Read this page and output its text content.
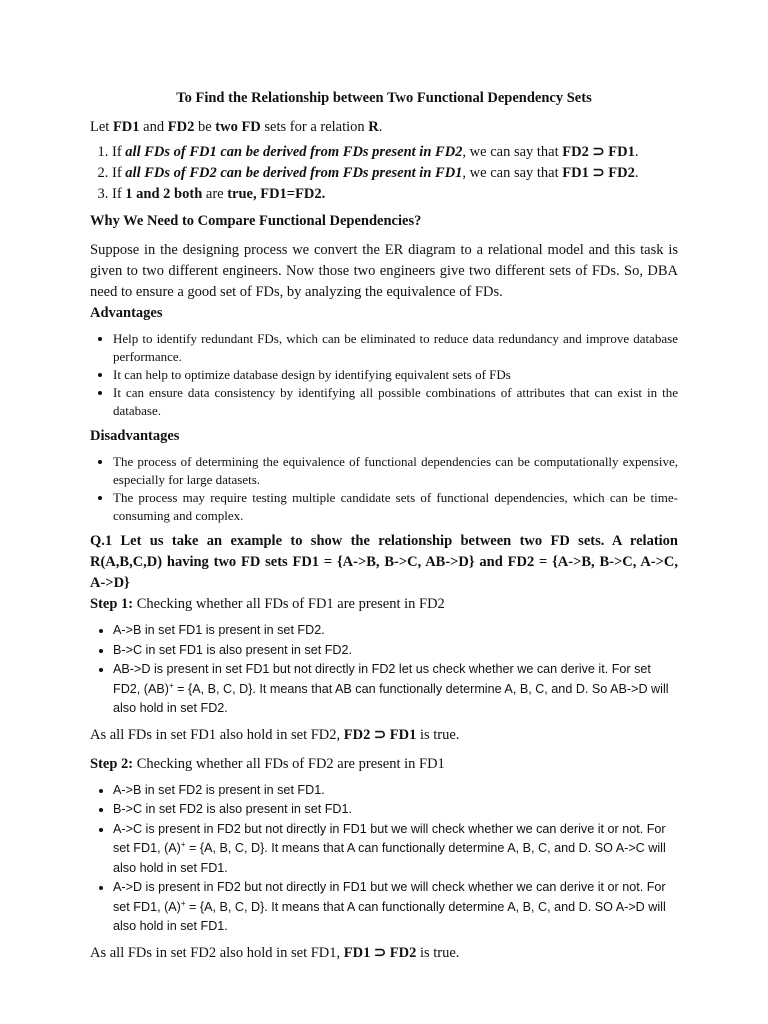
To Find the Relationship between Two Functional Dependency Sets

Let FD1 and FD2 be two FD sets for a relation R.

1. If all FDs of FD1 can be derived from FDs present in FD2, we can say that FD2 ⊃ FD1.
2. If all FDs of FD2 can be derived from FDs present in FD1, we can say that FD1 ⊃ FD2.
3. If 1 and 2 both are true, FD1=FD2.

Why We Need to Compare Functional Dependencies?

Suppose in the designing process we convert the ER diagram to a relational model and this task is given to two different engineers. Now those two engineers give two different sets of FDs. So, DBA need to ensure a good set of FDs, by analyzing the equivalence of FDs.

Advantages

• Help to identify redundant FDs, which can be eliminated to reduce data redundancy and improve database performance.
• It can help to optimize database design by identifying equivalent sets of FDs
• It can ensure data consistency by identifying all possible combinations of attributes that can exist in the database.

Disadvantages

• The process of determining the equivalence of functional dependencies can be computationally expensive, especially for large datasets.
• The process may require testing multiple candidate sets of functional dependencies, which can be time-consuming and complex.

Q.1 Let us take an example to show the relationship between two FD sets. A relation R(A,B,C,D) having two FD sets FD1 = {A->B, B->C, AB->D} and FD2 = {A->B, B->C, A->C, A->D}

Step 1: Checking whether all FDs of FD1 are present in FD2

• A->B in set FD1 is present in set FD2.
• B->C in set FD1 is also present in set FD2.
• AB->D is present in set FD1 but not directly in FD2 let us check whether we can derive it. For set FD2, (AB)+ = {A, B, C, D}. It means that AB can functionally determine A, B, C, and D. So AB->D will also hold in set FD2.

As all FDs in set FD1 also hold in set FD2, FD2 ⊃ FD1 is true.

Step 2: Checking whether all FDs of FD2 are present in FD1

• A->B in set FD2 is present in set FD1.
• B->C in set FD2 is also present in set FD1.
• A->C is present in FD2 but not directly in FD1 but we will check whether we can derive it or not. For set FD1, (A)+ = {A, B, C, D}. It means that A can functionally determine A, B, C, and D. SO A->C will also hold in set FD1.
• A->D is present in FD2 but not directly in FD1 but we will check whether we can derive it or not. For set FD1, (A)+ = {A, B, C, D}. It means that A can functionally determine A, B, C, and D. SO A->D will also hold in set FD1.

As all FDs in set FD2 also hold in set FD1, FD1 ⊃ FD2 is true.
